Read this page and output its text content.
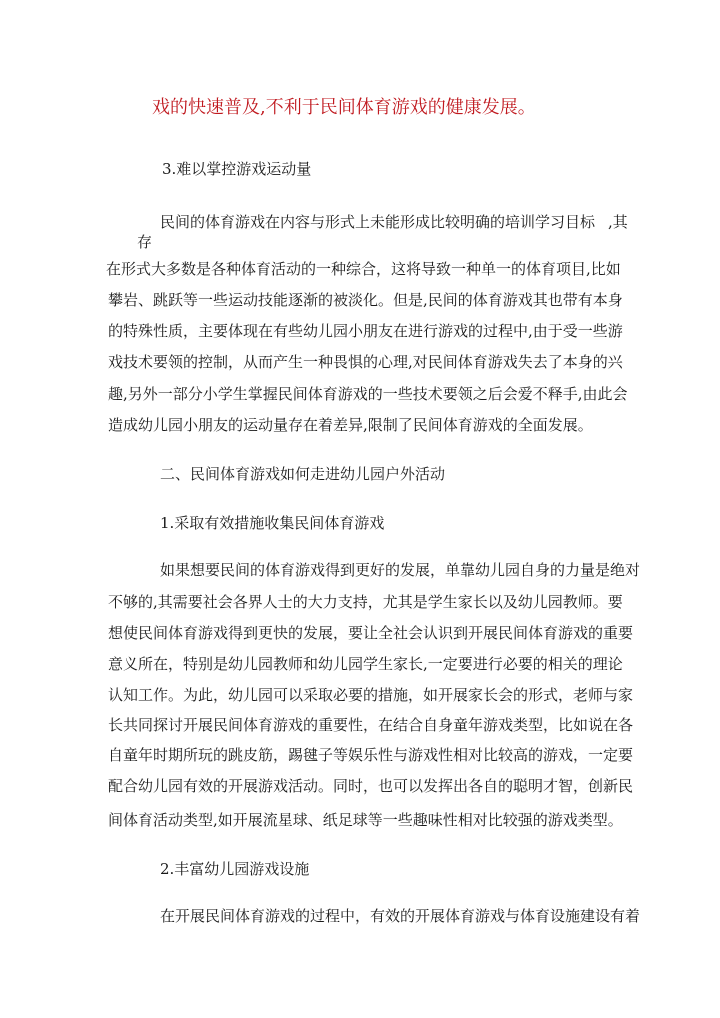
戏的快速普及,不利于民间体育游戏的健康发展。
3.难以掌控游戏运动量
民间的体育游戏在内容与形式上未能形成比较明确的培训学习目标 ,其
存
在形式大多数是各种体育活动的一种综合，这将导致一种单一的体育项目,比如
攀岩、跳跃等一些运动技能逐渐的被淡化。但是,民间的体育游戏其也带有本身
的特殊性质，主要体现在有些幼儿园小朋友在进行游戏的过程中,由于受一些游
戏技术要领的控制，从而产生一种畏惧的心理,对民间体育游戏失去了本身的兴
趣,另外一部分小学生掌握民间体育游戏的一些技术要领之后会爱不释手,由此会
造成幼儿园小朋友的运动量存在着差异,限制了民间体育游戏的全面发展。
二、民间体育游戏如何走进幼儿园户外活动
1.采取有效措施收集民间体育游戏
如果想要民间的体育游戏得到更好的发展，单靠幼儿园自身的力量是绝对
不够的,其需要社会各界人士的大力支持，尤其是学生家长以及幼儿园教师。要
想使民间体育游戏得到更快的发展，要让全社会认识到开展民间体育游戏的重要
意义所在，特别是幼儿园教师和幼儿园学生家长,一定要进行必要的相关的理论
认知工作。为此，幼儿园可以采取必要的措施，如开展家长会的形式，老师与家
长共同探讨开展民间体育游戏的重要性，在结合自身童年游戏类型，比如说在各
自童年时期所玩的跳皮筋，踢毽子等娱乐性与游戏性相对比较高的游戏，一定要
配合幼儿园有效的开展游戏活动。同时，也可以发挥出各自的聪明才智，创新民
间体育活动类型,如开展流星球、纸足球等一些趣味性相对比较强的游戏类型。
2.丰富幼儿园游戏设施
在开展民间体育游戏的过程中，有效的开展体育游戏与体育设施建设有着
